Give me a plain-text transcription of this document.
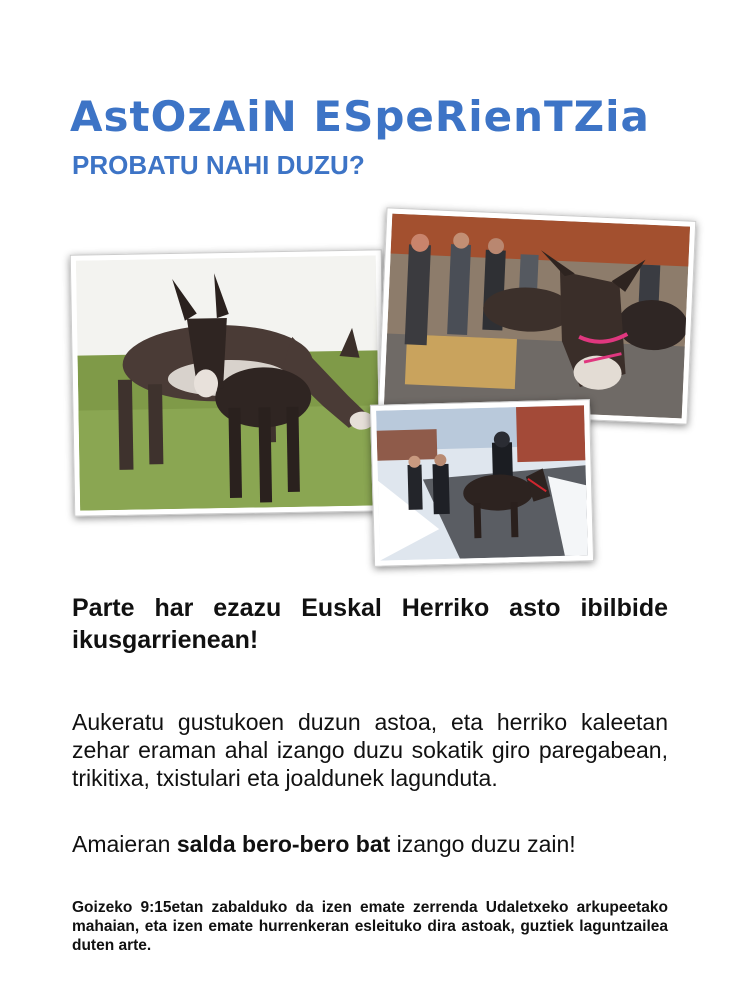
AstOzAiN ESpeRienTZia
PROBATU NAHI DUZU?
Parte har ezazu Euskal Herriko asto ibilbide ikusgarrienean!
Aukeratu gustukoen duzun astoa, eta herriko kaleetan zehar eraman ahal izango duzu sokatik giro paregabean, trikitixa, txistulari eta joaldunek lagunduta.
Amaieran salda bero-bero bat izango duzu zain!
Goizeko 9:15etan zabalduko da izen emate zerrenda Udaletxeko arkupeetako mahaian, eta izen emate hurrenkeran esleituko dira astoak, guztiek laguntzailea duten arte.
